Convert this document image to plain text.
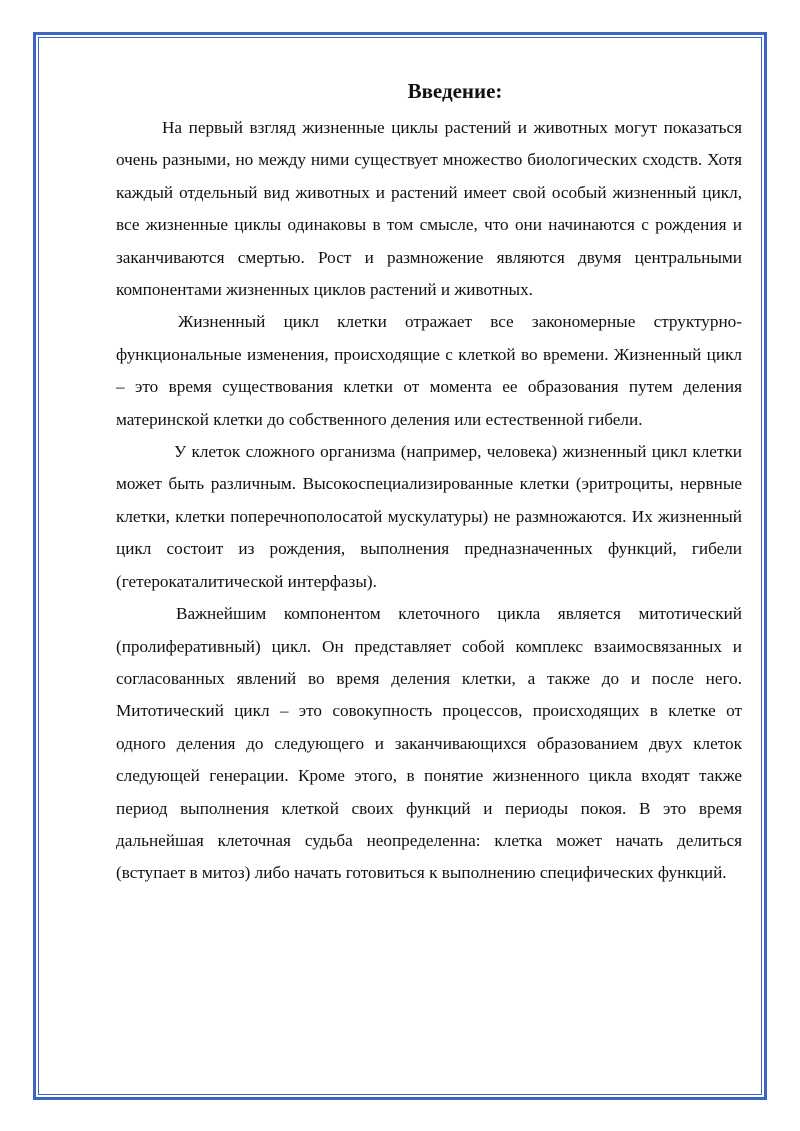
Введение:

На первый взгляд жизненные циклы растений и животных могут показаться очень разными, но между ними существует множество биологических сходств. Хотя каждый отдельный вид животных и растений имеет свой особый жизненный цикл, все жизненные циклы одинаковы в том смысле, что они начинаются с рождения и заканчиваются смертью. Рост и размножение являются двумя центральными компонентами жизненных циклов растений и животных.

Жизненный цикл клетки отражает все закономерные структурно-функциональные изменения, происходящие с клеткой во времени. Жизненный цикл – это время существования клетки от момента ее образования путем деления материнской клетки до собственного деления или естественной гибели.

У клеток сложного организма (например, человека) жизненный цикл клетки может быть различным. Высокоспециализированные клетки (эритроциты, нервные клетки, клетки поперечнополосатой мускулатуры) не размножаются. Их жизненный цикл состоит из рождения, выполнения предназначенных функций, гибели (гетерокаталитической интерфазы).

Важнейшим компонентом клеточного цикла является митотический (пролиферативный) цикл. Он представляет собой комплекс взаимосвязанных и согласованных явлений во время деления клетки, а также до и после него. Митотический цикл – это совокупность процессов, происходящих в клетке от одного деления до следующего и заканчивающихся образованием двух клеток следующей генерации. Кроме этого, в понятие жизненного цикла входят также период выполнения клеткой своих функций и периоды покоя. В это время дальнейшая клеточная судьба неопределенна: клетка может начать делиться (вступает в митоз) либо начать готовиться к выполнению специфических функций.
